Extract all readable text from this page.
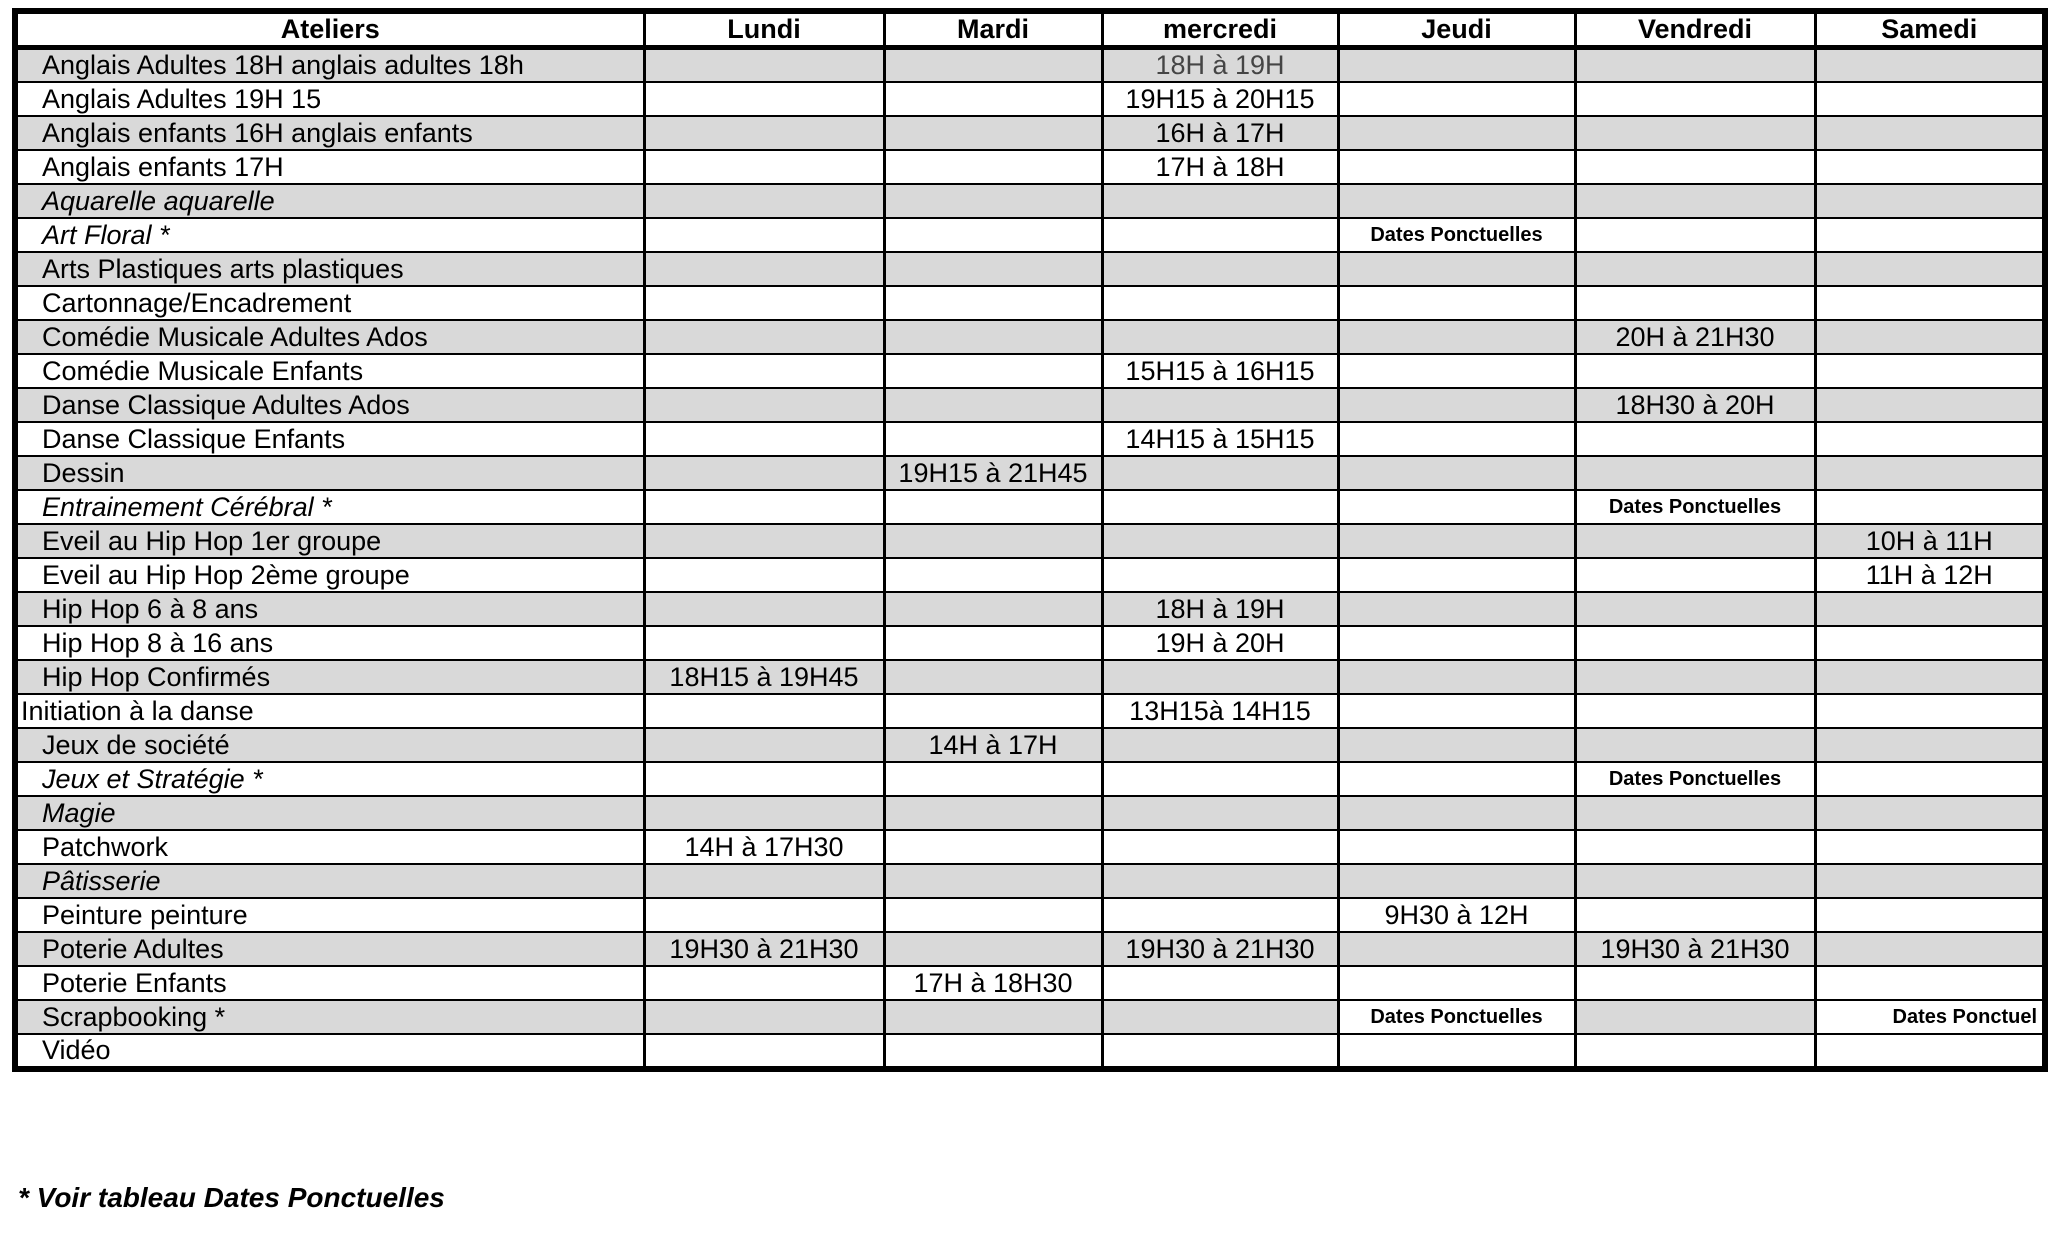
Ateliers	Lundi	Mardi	mercredi	Jeudi	Vendredi	Samedi
Anglais Adultes 18H anglais adultes 18h			18H à 19H			
Anglais Adultes 19H 15			19H15 à 20H15			
Anglais enfants 16H anglais enfants			16H à 17H			
Anglais enfants 17H			17H à 18H			
Aquarelle aquarelle						
Art Floral *				Dates Ponctuelles		
Arts Plastiques arts plastiques						
Cartonnage/Encadrement						
Comédie Musicale Adultes Ados					20H à 21H30	
Comédie Musicale Enfants			15H15 à 16H15			
Danse Classique Adultes Ados					18H30 à 20H	
Danse Classique Enfants			14H15 à 15H15			
Dessin		19H15 à 21H45				
Entrainement Cérébral *					Dates Ponctuelles	
Eveil au Hip Hop 1er groupe						10H à 11H
Eveil au Hip Hop 2ème groupe						11H à 12H
Hip Hop 6 à 8 ans			18H à 19H			
Hip Hop 8 à 16 ans			19H à 20H			
Hip Hop Confirmés	18H15 à 19H45					
Initiation à la danse			13H15à 14H15			
Jeux de société		14H à 17H				
Jeux et Stratégie *					Dates Ponctuelles	
Magie						
Patchwork	14H à 17H30					
Pâtisserie						
Peinture peinture				9H30 à 12H		
Poterie Adultes	19H30 à 21H30		19H30 à 21H30		19H30 à 21H30	
Poterie Enfants		17H à 18H30				
Scrapbooking *				Dates Ponctuelles		Dates Ponctuel
Vidéo						
* Voir tableau Dates Ponctuelles
